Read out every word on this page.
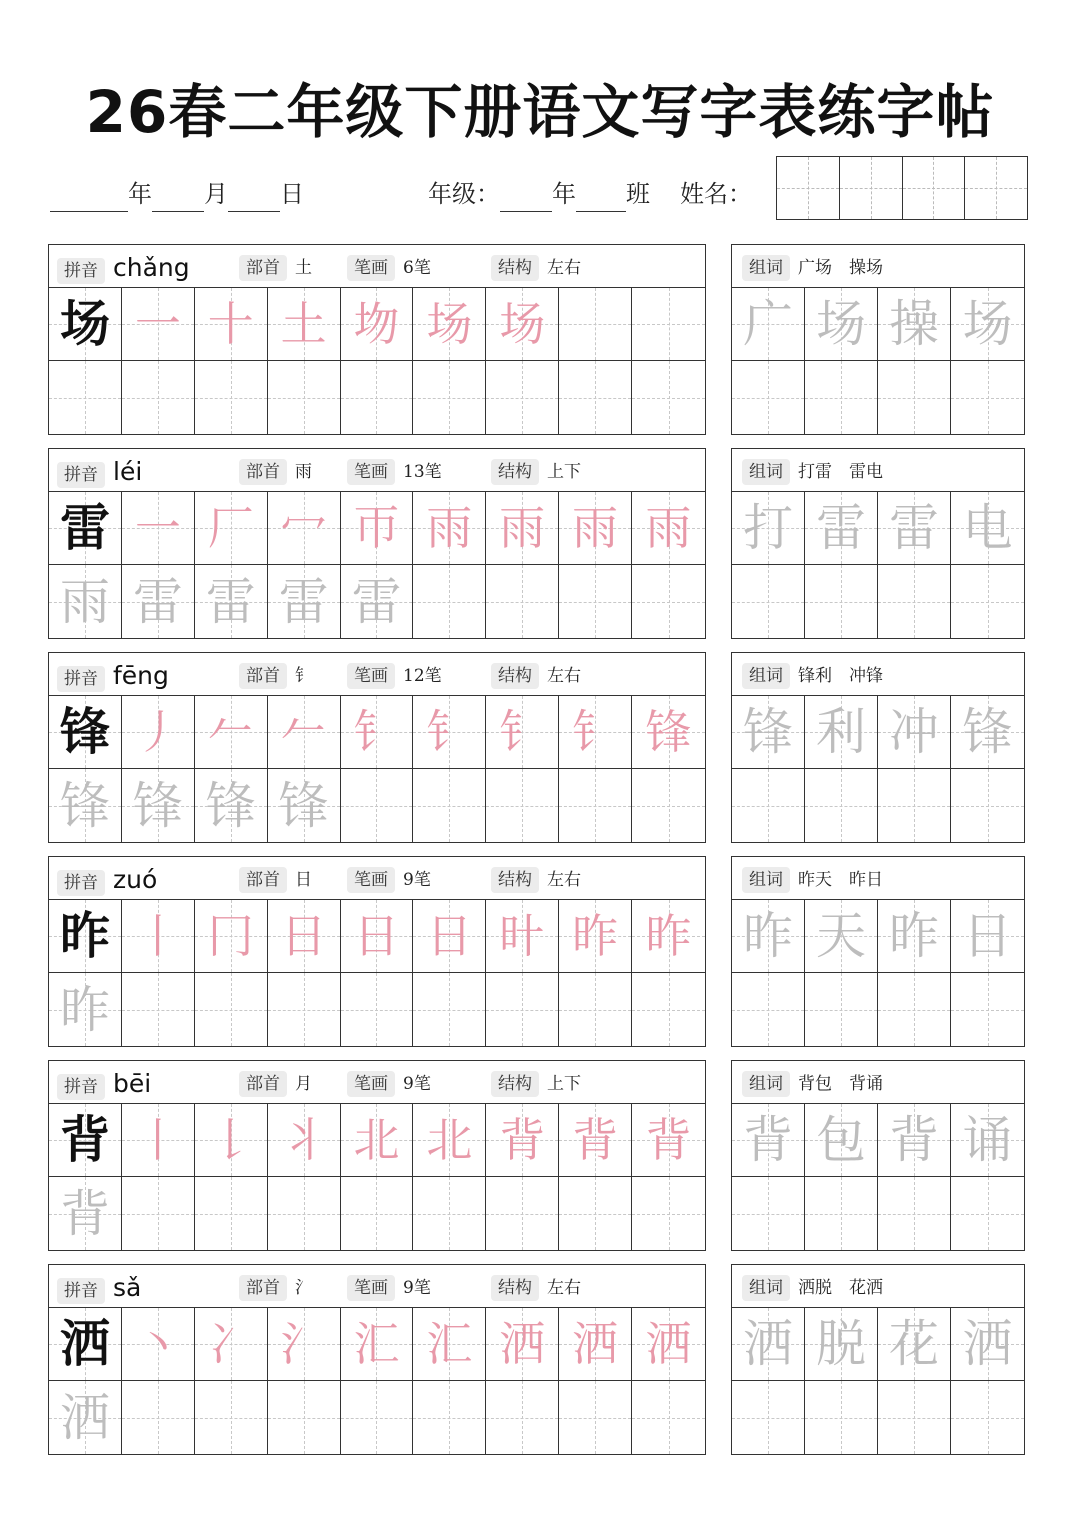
26春二年级下册语文写字表练字帖
年 月 日	年级： 年 班 姓名：
拼音 chǎng	部首 土	笔画 6笔	结构 左右
场 一 十 土 圽 场 场
组词 广场　操场
广 场 操 场
拼音 léi	部首 雨	笔画 13笔	结构 上下
雷 一 厂 冖 帀 雨 雨 雨 雨
雨 雷 雷 雷 雷
组词 打雷　雷电
打 雷 雷 电
拼音 fēng	部首 钅	笔画 12笔	结构 左右
锋 丿 𠂉 𠂉 钅 钅 钅 钅 锋
锋 锋 锋 锋
组词 锋利　冲锋
锋 利 冲 锋
拼音 zuó	部首 日	笔画 9笔	结构 左右
昨 丨 冂 日 日 日 旪 昨 昨
昨
组词 昨天　昨日
昨 天 昨 日
拼音 bēi	部首 月	笔画 9笔	结构 上下
背 丨 𠄌 丬 北 北 背 背 背
背
组词 背包　背诵
背 包 背 诵
拼音 sǎ	部首 氵	笔画 9笔	结构 左右
洒 丶 冫 氵 汇 汇 洒 洒 洒
洒
组词 洒脱　花洒
洒 脱 花 洒
